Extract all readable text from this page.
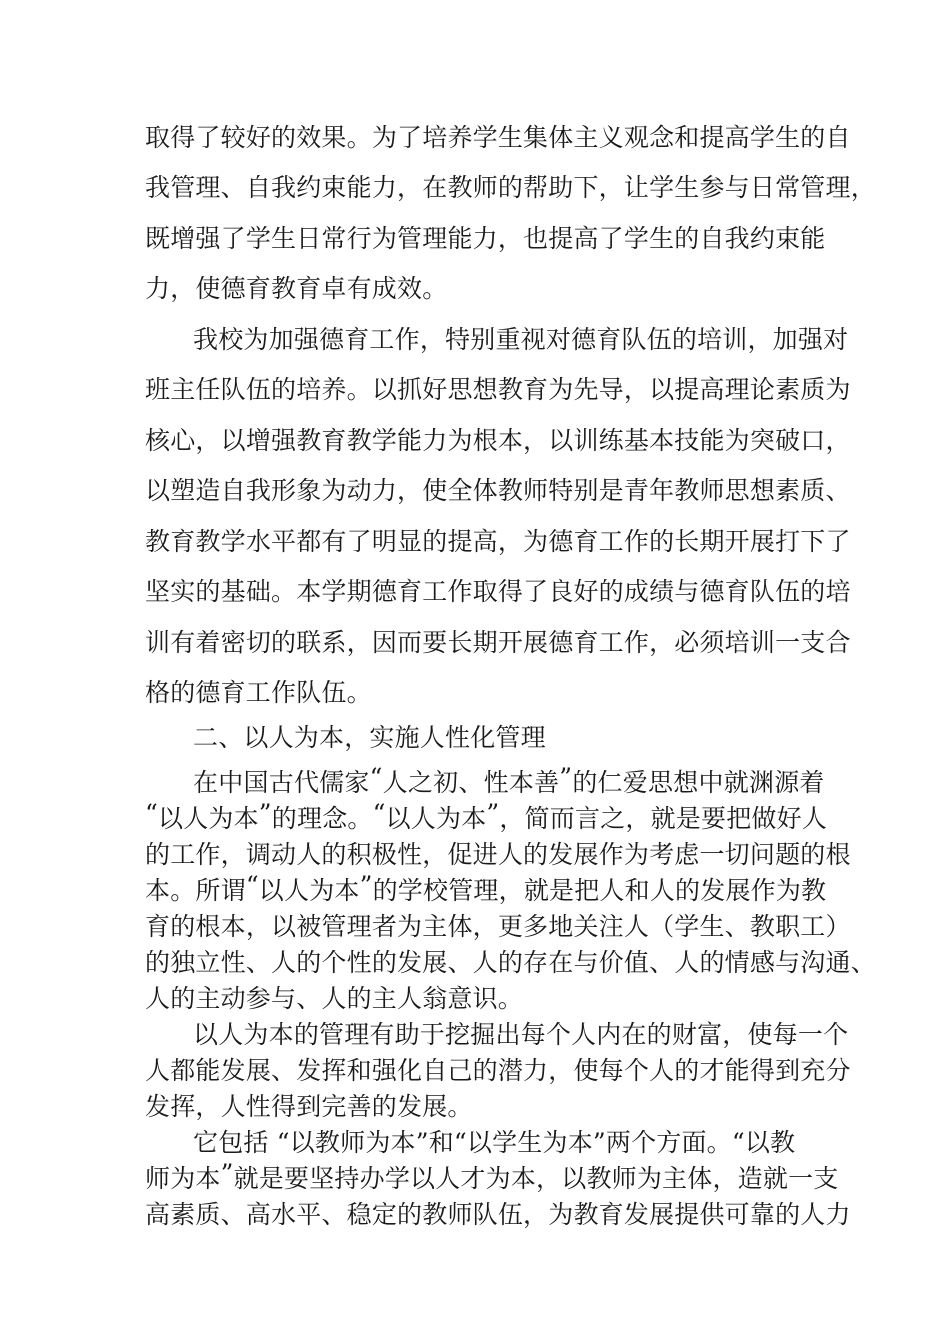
取 得 了 较 好 的 效 果 。 为 了 培 养 学 生 集 体 主 义 观 念 和 提 高 学 生 的 自
我 管 理 、 自 我 约 束 能 力 ， 在 教 师 的 帮 助 下 ， 让 学 生 参 与 日 常 管 理 ，
既 增 强 了 学 生 日 常 行 为 管 理 能 力 ， 也 提 高 了 学 生 的 自 我 约 束 能
力，使德育教育卓有成效。
我 校 为 加 强 德 育 工 作 ， 特 别 重 视 对 德 育 队 伍 的 培 训 ， 加 强 对
班 主 任 队 伍 的 培 养 。 以 抓 好 思 想 教 育 为 先 导 ， 以 提 高 理 论 素 质 为
核 心 ， 以 增 强 教 育 教 学 能 力 为 根 本 ， 以 训 练 基 本 技 能 为 突 破 口 ，
以 塑 造 自 我 形 象 为 动 力 ， 使 全 体 教 师 特 别 是 青 年 教 师 思 想 素 质 、
教 育 教 学 水 平 都 有 了 明 显 的 提 高 ， 为 德 育 工 作 的 长 期 开 展 打 下 了
坚 实 的 基 础 。 本 学 期 德 育 工 作 取 得 了 良 好 的 成 绩 与 德 育 队 伍 的 培
训 有 着 密 切 的 联 系 ， 因 而 要 长 期 开 展 德 育 工 作 ， 必 须 培 训 一 支 合
格的德育工作队伍。
二、以人为本，实施人性化管理
在 中 国 古 代 儒 家 “ 人 之 初 、 性 本 善 ” 的 仁 爱 思 想 中 就 渊 源 着
“ 以 人 为 本 ” 的 理 念 。 “ 以 人 为 本 ” ， 简 而 言 之 ， 就 是 要 把 做 好 人
的 工 作 ， 调 动 人 的 积 极 性 ， 促 进 人 的 发 展 作 为 考 虑 一 切 问 题 的 根
本 。 所 谓 “ 以 人 为 本 ” 的 学 校 管 理 ， 就 是 把 人 和 人 的 发 展 作 为 教
育 的 根 本 ， 以 被 管 理 者 为 主 体 ， 更 多 地 关 注 人 （ 学 生 、 教 职 工 ）
的 独 立 性 、 人 的 个 性 的 发 展 、 人 的 存 在 与 价 值 、 人 的 情 感 与 沟 通 、
人的主动参与、人的主人翁意识。
以 人 为 本 的 管 理 有 助 于 挖 掘 出 每 个 人 内 在 的 财 富 ， 使 每 一 个
人 都 能 发 展 、 发 挥 和 强 化 自 己 的 潜 力 ， 使 每 个 人 的 才 能 得 到 充 分
发挥，人性得到完善的发展。
它包括 “以教师为本”和“以学生为本”两个方面。“以教
师 为 本 ” 就 是 要 坚 持 办 学 以 人 才 为 本 ， 以 教 师 为 主 体 ， 造 就 一 支
高 素 质 、 高 水 平 、 稳 定 的 教 师 队 伍 ， 为 教 育 发 展 提 供 可 靠 的 人 力
